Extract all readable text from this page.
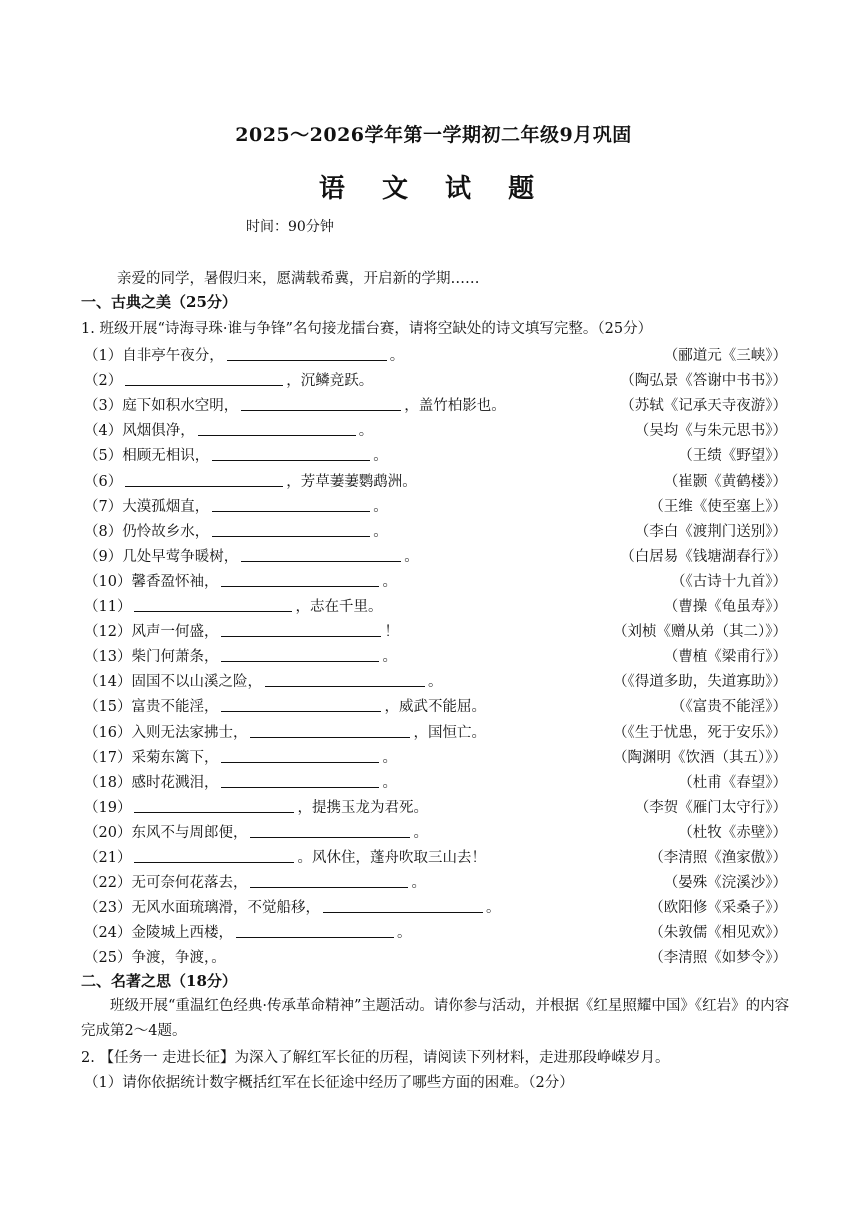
2025～2026学年第一学期初二年级9月巩固
语 文 试 题
时间：90分钟
亲爱的同学，暑假归来，愿满载希冀，开启新的学期……
一、古典之美（25分）
1. 班级开展“诗海寻珠·谁与争锋”名句接龙擂台赛，请将空缺处的诗文填写完整。（25分）
二、名著之思（18分）
班级开展“重温红色经典·传承革命精神”主题活动。请你参与活动，并根据《红星照耀中国》《红岩》的内容完成第2～4题。
2. 【任务一 走进长征】为深入了解红军长征的历程，请阅读下列材料，走进那段峥嵘岁月。
（1）请你依据统计数字概括红军在长征途中经历了哪些方面的困难。（2分）
（1）自非亭午夜分，	。	（郦道元《三峡》）
（2）	，沉鳞竞跃。	（陶弘景《答谢中书书》）
（3）庭下如积水空明，	，盖竹柏影也。	（苏轼《记承天寺夜游》）
（4）风烟俱净，	。	（吴均《与朱元思书》）
（5）相顾无相识，	。	（王绩《野望》）
（6）	，芳草萋萋鹦鹉洲。	（崔颢《黄鹤楼》）
（7）大漠孤烟直，	。	（王维《使至塞上》）
（8）仍怜故乡水，	。	（李白《渡荆门送别》）
（9）几处早莺争暖树，	。	（白居易《钱塘湖春行》）
（10）馨香盈怀袖，	。	（《古诗十九首》）
（11）	，志在千里。	（曹操《龟虽寿》）
（12）风声一何盛，	！	（刘桢《赠从弟（其二）》）
（13）柴门何萧条，	。	（曹植《梁甫行》）
（14）固国不以山溪之险，	。	（《得道多助，失道寡助》）
（15）富贵不能淫，	，威武不能屈。	（《富贵不能淫》）
（16）入则无法家拂士，	，国恒亡。	（《生于忧患，死于安乐》）
（17）采菊东篱下，	。	（陶渊明《饮酒（其五）》）
（18）感时花溅泪，	。	（杜甫《春望》）
（19）	，提携玉龙为君死。	（李贺《雁门太守行》）
（20）东风不与周郎便，	。	（杜牧《赤壁》）
（21）	。风休住，蓬舟吹取三山去！	（李清照《渔家傲》）
（22）无可奈何花落去，	。	（晏殊《浣溪沙》）
（23）无风水面琉璃滑，不觉船移，	。	（欧阳修《采桑子》）
（24）金陵城上西楼，	。	（朱敦儒《相见欢》）
（25）争渡，争渡，。	（李清照《如梦令》）
